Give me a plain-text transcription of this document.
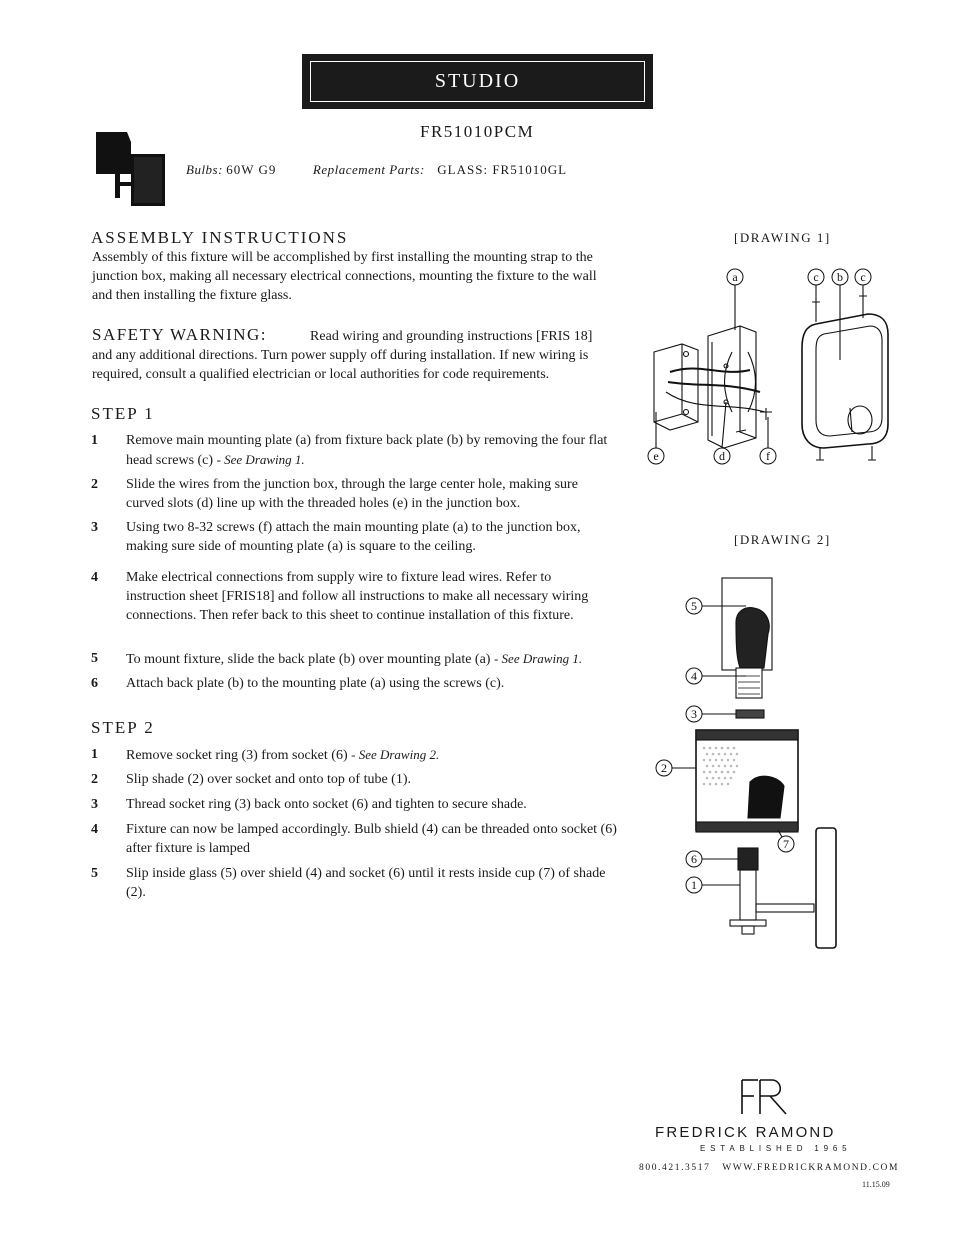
STUDIO
FR51010PCM
Bulbs: 60W G9	Replacement Parts: GLASS: FR51010GL
ASSEMBLY INSTRUCTIONS
Assembly of this fixture will be accomplished by first installing the mounting strap to the junction box, making all necessary electrical connections, mounting the fixture to the wall and then installing the fixture glass.
SAFETY WARNING:	Read wiring and grounding instructions [FRIS 18] and any additional directions. Turn power supply off during installation. If new wiring is required, consult a qualified electrician or local authorities for code requirements.
STEP 1
1	Remove main mounting plate (a) from fixture back plate (b) by removing the four flat head screws (c) - See Drawing 1.
2	Slide the wires from the junction box, through the large center hole, making sure curved slots (d) line up with the threaded holes (e) in the junction box.
3	Using two 8-32 screws (f) attach the main mounting plate (a) to the junction box, making sure side of mounting plate (a) is square to the ceiling.
4	Make electrical connections from supply wire to fixture lead wires. Refer to instruction sheet [FRIS18] and follow all instructions to make all necessary wiring connections. Then refer back to this sheet to continue installation of this fixture.
5	To mount fixture, slide the back plate (b) over mounting plate (a) - See Drawing 1.
6	Attach back plate (b) to the mounting plate (a) using the screws (c).
STEP 2
1	Remove socket ring (3) from socket (6) - See Drawing 2.
2	Slip shade (2) over socket and onto top of tube (1).
3	Thread socket ring (3) back onto socket (6) and tighten to secure shade.
4	Fixture can now be lamped accordingly. Bulb shield (4) can be threaded onto socket (6) after fixture is lamped
5	Slip inside glass (5) over shield (4) and socket (6) until it rests inside cup (7) of shade (2).
[DRAWING 1]
a	c b c
e	d	f
[DRAWING 2]
5
4
3
2
7
6
1
FREDRICK RAMOND
ESTABLISHED 1965
800.421.3517   WWW.FREDRICKRAMOND.COM
11.15.09
